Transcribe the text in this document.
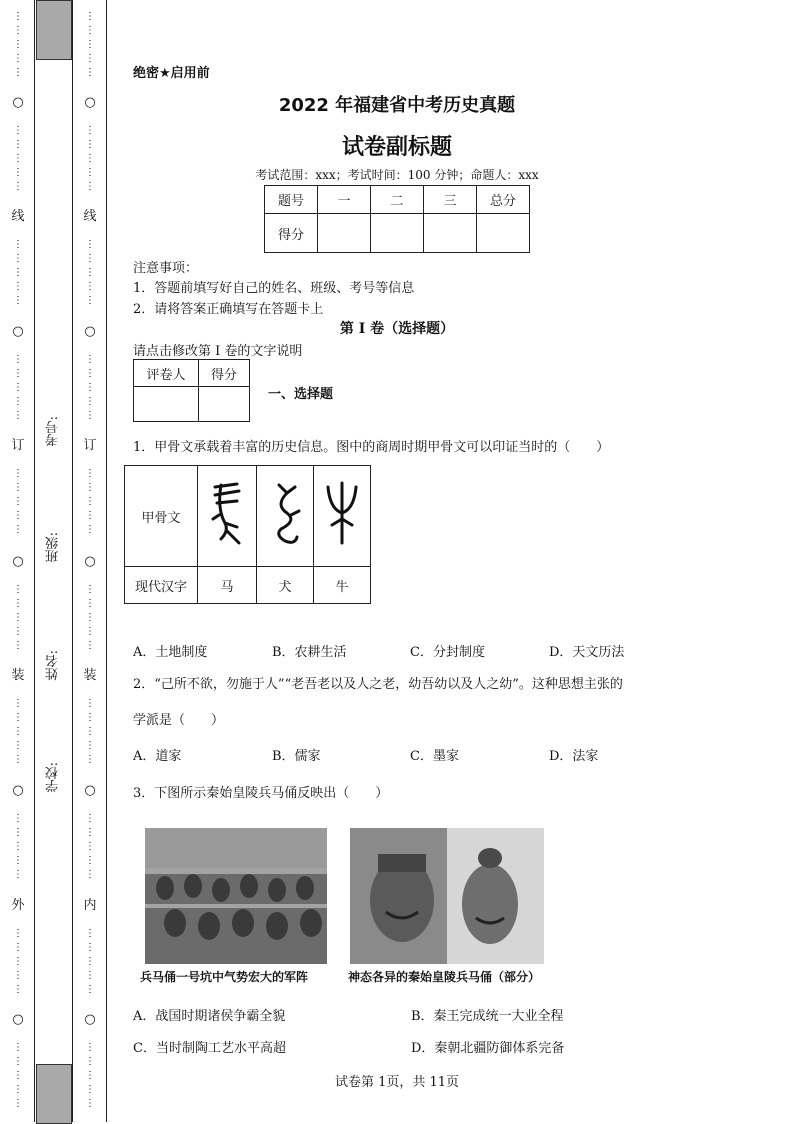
⋮
⋮
⋮
⋮
⋮
○
⋮
⋮
⋮
⋮
⋮
线
⋮
⋮
⋮
⋮
⋮
○
⋮
⋮
⋮
⋮
⋮
订
⋮
⋮
⋮
⋮
⋮
○
⋮
⋮
⋮
⋮
⋮
装
⋮
⋮
⋮
⋮
⋮
○
⋮
⋮
⋮
⋮
⋮
外
⋮
⋮
⋮
⋮
⋮
○
⋮
⋮
⋮
⋮
⋮
⋮
⋮
⋮
⋮
⋮
○
⋮
⋮
⋮
⋮
⋮
线
⋮
⋮
⋮
⋮
⋮
○
⋮
⋮
⋮
⋮
⋮
订
⋮
⋮
⋮
⋮
⋮
○
⋮
⋮
⋮
⋮
⋮
装
⋮
⋮
⋮
⋮
⋮
○
⋮
⋮
⋮
⋮
⋮
内
⋮
⋮
⋮
⋮
⋮
○
⋮
⋮
⋮
⋮
⋮
考号:
班级:
姓名:
学校:
绝密★启用前
2022 年福建省中考历史真题
试卷副标题
考试范围：xxx；考试时间：100 分钟；命题人：xxx
题号	一	二	三	总分
得分				
注意事项：
1．答题前填写好自己的姓名、班级、考号等信息
2．请将答案正确填写在答题卡上
第 I 卷（选择题）
请点击修改第 I 卷的文字说明
评卷人	得分

一、选择题
1．甲骨文承载着丰富的历史信息。图中的商周时期甲骨文可以印证当时的（　　）
甲骨文			
现代汉字	马	犬	牛
A．土地制度	B．农耕生活	C．分封制度	D．天文历法
2．“己所不欲，勿施于人”“老吾老以及人之老，幼吾幼以及人之幼”。这种思想主张的
学派是（　　）
A．道家	B．儒家	C．墨家	D．法家
3．下图所示秦始皇陵兵马俑反映出（　　）
兵马俑一号坑中气势宏大的军阵	神态各异的秦始皇陵兵马俑（部分）
A．战国时期诸侯争霸全貌	B．秦王完成统一大业全程
C．当时制陶工艺水平高超	D．秦朝北疆防御体系完备
试卷第 1页，共 11页
